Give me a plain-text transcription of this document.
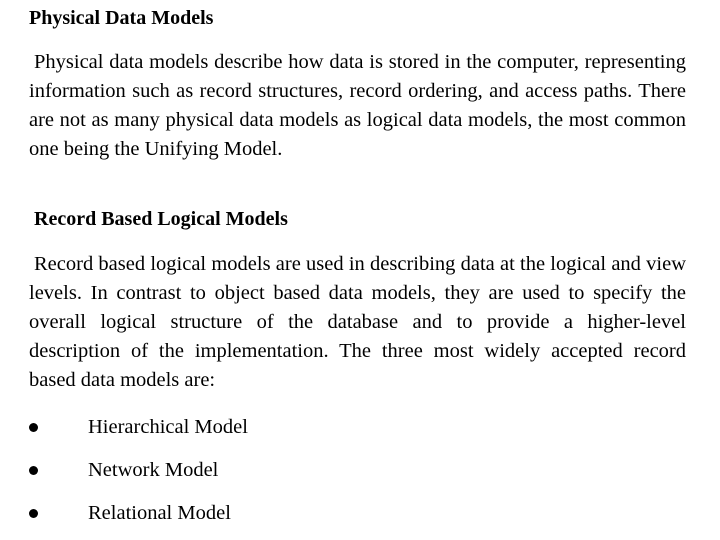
Physical Data Models

Physical data models describe how data is stored in the computer, representing information such as record structures, record ordering, and access paths. There are not as many physical data models as logical data models, the most common one being the Unifying Model.

Record Based Logical Models

Record based logical models are used in describing data at the logical and view levels. In contrast to object based data models, they are used to specify the overall logical structure of the database and to provide a higher-level description of the implementation. The three most widely accepted record based data models are:

Hierarchical Model
Network Model
Relational Model
